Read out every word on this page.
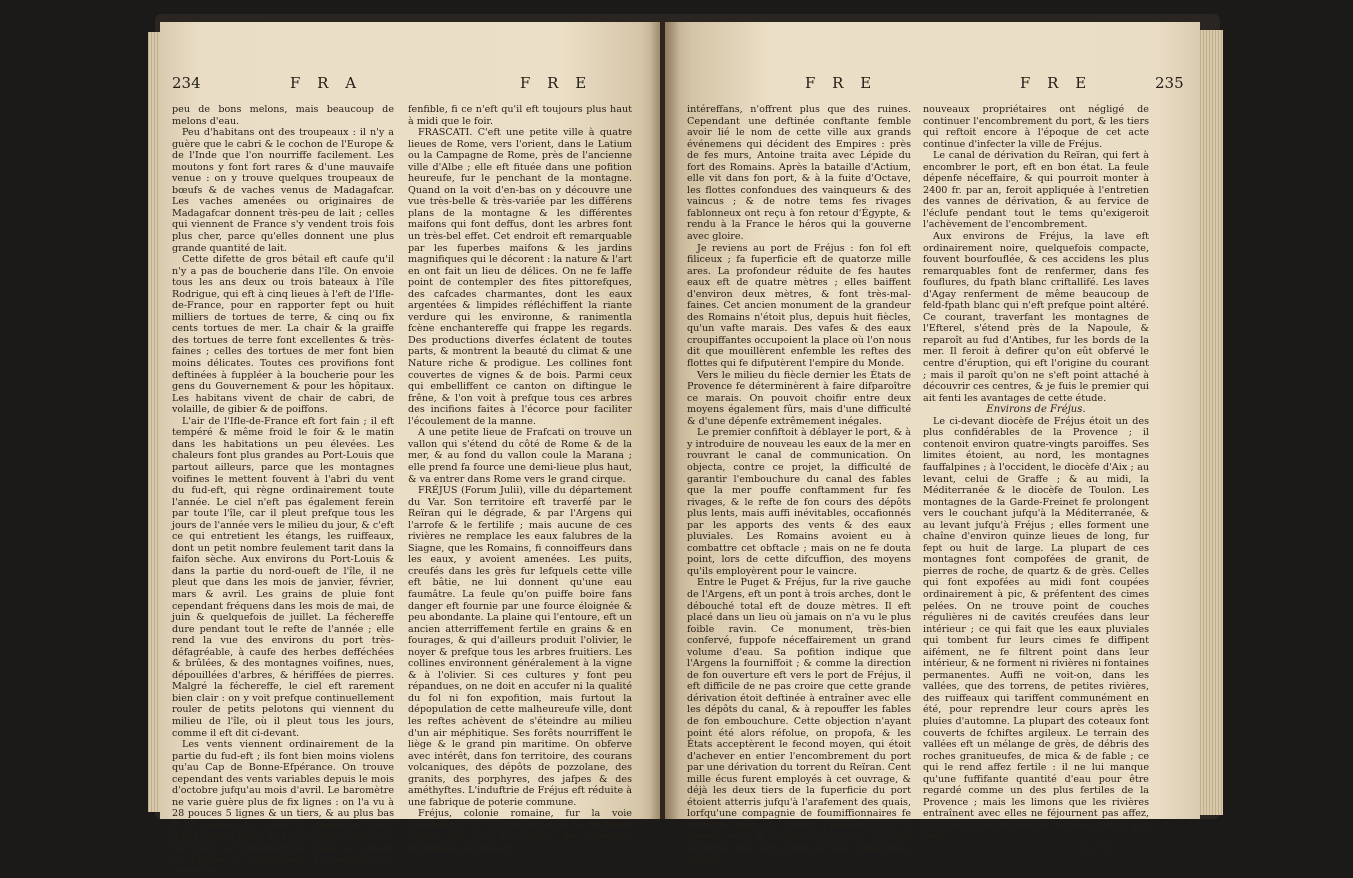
234	F R A	F R E

peu de bons melons, mais beaucoup de melons d'eau.

Peu d'habitans ont des troupeaux : il n'y a guère que le cabri & le cochon de l'Europe & de l'Inde que l'on nourriffe facilement. Les moutons y font fort rares & d'une mauvaife venue : on y trouve quelques troupeaux de bœufs & de vaches venus de Madagafcar. Les vaches amenées ou originaires de Madagafcar donnent très-peu de lait ; celles qui viennent de France s'y vendent trois fois plus cher, parce qu'elles donnent une plus grande quantité de lait.

Cette difette de gros bétail eft caufe qu'il n'y a pas de boucherie dans l'île. On envoie tous les ans deux ou trois bateaux à l'île Rodrigue, qui eft à cinq lieues à l'eft de l'Ifle-de-France, pour en rapporter fept ou huit milliers de tortues de terre, & cinq ou fix cents tortues de mer. La chair & la graiffe des tortues de terre font excellentes & très-faines ; celles des tortues de mer font bien moins délicates. Toutes ces provifions font deftinées à fuppléer à la boucherie pour les gens du Gouvernement & pour les hôpitaux. Les habitans vivent de chair de cabri, de volaille, de gibier & de poiffons.

L'air de l'Ifle-de-France eft fort fain ; il eft tempéré & même froid le foir & le matin dans les habitations un peu élevées. Les chaleurs font plus grandes au Port-Louis que partout ailleurs, parce que les montagnes voifines le mettent fouvent à l'abri du vent du fud-eft, qui règne ordinairement toute l'année. Le ciel n'eft pas également ferein par toute l'île, car il pleut prefque tous les jours de l'année vers le milieu du jour, & c'eft ce qui entretient les étangs, les ruiffeaux, dont un petit nombre feulement tarit dans la faifon sèche. Aux environs du Port-Louis & dans la partie du nord-oueft de l'île, il ne pleut que dans les mois de janvier, février, mars & avril. Les grains de pluie font cependant fréquens dans les mois de mai, de juin & quelquefois de juillet. La féchereffe dure pendant tout le refte de l'année ; elle rend la vue des environs du port très-défagréable, à caufe des herbes defféchées & brûlées, & des montagnes voifines, nues, dépouillées d'arbres, & hériffées de pierres. Malgré la féchereffe, le ciel eft rarement bien clair : on y voit prefque continuellement rouler de petits pelotons qui viennent du milieu de l'île, où il pleut tous les jours, comme il eft dit ci-devant.

Les vents viennent ordinairement de la partie du fud-eft ; ils font bien moins violens qu'au Cap de Bonne-Efpérance. On trouve cependant des vents variables depuis le mois d'octobre jufqu'au mois d'avril. Le baromètre ne varie guère plus de fix lignes : on l'a vu à 28 pouces 5 lignes & un tiers, & au plus bas à 27 pouces 11 lignes & demie les jours d'une groffe pluie & d'un ouragan qui s'eft fait fentir à l'Ifle-Bourbon. Dans le courant de l'année le mouvement du mercure eft prefqu'in-

fenfible, fi ce n'eft qu'il eft toujours plus haut à midi que le foir.

FRASCATI. C'eft une petite ville à quatre lieues de Rome, vers l'orient, dans le Latium ou la Campagne de Rome, près de l'ancienne ville d'Albe ; elle eft fituée dans une pofition heureufe, fur le penchant de la montagne. Quand on la voit d'en-bas on y découvre une vue très-belle & très-variée par les différens plans de la montagne & les différentes maifons qui font deffus, dont les arbres font un très-bel effet. Cet endroit eft remarquable par les fuperbes maifons & les jardins magnifiques qui le décorent : la nature & l'art en ont fait un lieu de délices. On ne fe laffe point de contempler des fites pittorefques, des cafcades charmantes, dont les eaux argentées & limpides réfléchiffent la riante verdure qui les environne, & ranimentla fcène enchantereffe qui frappe les regards. Des productions diverfes éclatent de toutes parts, & montrent la beauté du climat & une Nature riche & prodigue. Les collines font couvertes de vignes & de bois. Parmi ceux qui embelliffent ce canton on diftingue le frêne, & l'on voit à prefque tous ces arbres des incifions faites à l'écorce pour faciliter l'écoulement de la manne.

A une petite lieue de Frafcati on trouve un vallon qui s'étend du côté de Rome & de la mer, & au fond du vallon coule la Marana ; elle prend fa fource une demi-lieue plus haut, & va entrer dans Rome vers le grand cirque.

FRÉJUS (Forum Julii), ville du département du Var. Son territoire eft traverfé par le Reïran qui le dégrade, & par l'Argens qui l'arrofe & le fertilife ; mais aucune de ces rivières ne remplace les eaux falubres de la Siagne, que les Romains, fi connoiffeurs dans les eaux, y avoient amenées. Les puits, creufés dans les grès fur lefquels cette ville eft bâtie, ne lui donnent qu'une eau faumâtre. La feule qu'on puiffe boire fans danger eft fournie par une fource éloignée & peu abondante. La plaine qui l'entoure, eft un ancien atterriffement fertile en grains & en fourages, & qui d'ailleurs produit l'olivier, le noyer & prefque tous les arbres fruitiers. Les collines environnent généralement à la vigne & à l'olivier. Si ces cultures y font peu répandues, on ne doit en accufer ni la qualité du fol ni fon expofition, mais furtout la dépopulation de cette malheureufe ville, dont les reftes achèvent de s'éteindre au milieu d'un air méphitique. Ses forêts nourriffent le liège & le grand pin maritime. On obferve avec intérêt, dans fon territoire, des courans volcaniques, des dépôts de pozzolane, des granits, des porphyres, des jafpes & des améthyftes. L'induftrie de Fréjus eft réduite à une fabrique de poterie commune.

Fréjus, colonie romaine, fur la voie Aurélienne, fut la réfidence de la huitième légion. Son port, fon cirque, fes aqueducs, monumens la plupart

F R E	F R E	235

intéreffans, n'offrent plus que des ruines. Cependant une deftinée conftante femble avoir lié le nom de cette ville aux grands événemens qui décident des Empires : près de fes murs, Antoine traita avec Lépide du fort des Romains. Après la bataille d'Actium, elle vit dans fon port, & à la fuite d'Octave, les flottes confondues des vainqueurs & des vaincus ; & de notre tems fes rivages fablonneux ont reçu à fon retour d'Égypte, & rendu à la France le héros qui la gouverne avec gloire.

Je reviens au port de Fréjus : fon fol eft filiceux ; fa fuperficie eft de quatorze mille ares. La profondeur réduite de fes hautes eaux eft de quatre mètres ; elles baiffent d'environ deux mètres, & font très-mal-faines. Cet ancien monument de la grandeur des Romains n'étoit plus, depuis huit fiècles, qu'un vafte marais. Des vafes & des eaux croupiffantes occupoient la place où l'on nous dit que mouillèrent enfemble les reftes des flottes qui fe difputèrent l'empire du Monde.

Vers le milieu du fiècle dernier les États de Provence fe déterminèrent à faire difparoître ce marais. On pouvoit choifir entre deux moyens également fûrs, mais d'une difficulté & d'une dépenfe extrêmement inégales.

Le premier confiftoit à déblayer le port, & à y introduire de nouveau les eaux de la mer en rouvrant le canal de communication. On objecta, contre ce projet, la difficulté de garantir l'embouchure du canal des fables que la mer pouffe conftamment fur fes rivages, & le refte de fon cours des dépôts plus lents, mais auffi inévitables, occafionnés par les apports des vents & des eaux pluviales. Les Romains avoient eu à combattre cet obftacle ; mais on ne fe douta point, lors de cette difcuffion, des moyens qu'ils employèrent pour le vaincre.

Entre le Puget & Fréjus, fur la rive gauche de l'Argens, eft un pont à trois arches, dont le débouché total eft de douze mètres. Il eft placé dans un lieu où jamais on n'a vu le plus foible ravin. Ce monument, très-bien confervé, fuppofe néceffairement un grand volume d'eau. Sa pofition indique que l'Argens la fourniffoit ; & comme la direction de fon ouverture eft vers le port de Fréjus, il eft difficile de ne pas croire que cette grande dérivation étoit deftinée à entraîner avec elle les dépôts du canal, & à repouffer les fables de fon embouchure. Cette objection n'ayant point été alors réfolue, on propofa, & les États acceptèrent le fecond moyen, qui étoit d'achever en entier l'encombrement du port par une dérivation du torrent du Reïran. Cent mille écus furent employés à cet ouvrage, & déjà les deux tiers de la fuperficie du port étoient atterris jufqu'à l'arafement des quais, lorfqu'une compagnie de foumiffionnaires fe préfenta pour en obtenir l'aliénation en fa faveur, vers le milieu de l'an 6. On doit regretter que cette vente ait été confommée, car les

nouveaux propriétaires ont négligé de continuer l'encombrement du port, & les tiers qui reftoit encore à l'époque de cet acte continue d'infecter la ville de Fréjus.

Le canal de dérivation du Reïran, qui fert à encombrer le port, eft en bon état. La feule dépenfe néceffaire, & qui pourroit monter à 2400 fr. par an, feroit appliquée à l'entretien des vannes de dérivation, & au fervice de l'éclufe pendant tout le tems qu'exigeroit l'achèvement de l'encombrement.

Aux environs de Fréjus, la lave eft ordinairement noire, quelquefois compacte, fouvent bourfouflée, & ces accidens les plus remarquables font de renfermer, dans fes fouflures, du fpath blanc criftallifé. Les laves d'Agay renferment de même beaucoup de feld-fpath blanc qui n'eft prefque point altéré. Ce courant, traverfant les montagnes de l'Efterel, s'étend près de la Napoule, & reparoît au fud d'Antibes, fur les bords de la mer. Il feroit à defirer qu'on eût obfervé le centre d'éruption, qui eft l'origine du courant ; mais il paroît qu'on ne s'eft point attaché à découvrir ces centres, & je fuis le premier qui ait fenti les avantages de cette étude.

Environs de Fréjus.

Le ci-devant diocèfe de Fréjus étoit un des plus confidérables de la Provence ; il contenoit environ quatre-vingts paroiffes. Ses limites étoient, au nord, les montagnes fauffalpines ; à l'occident, le diocèfe d'Aix ; au levant, celui de Graffe ; & au midi, la Méditerranée & le diocèfe de Toulon. Les montagnes de la Garde-Freinet fe prolongent vers le couchant jufqu'à la Méditerranée, & au levant jufqu'à Fréjus ; elles forment une chaîne d'environ quinze lieues de long, fur fept ou huit de large. La plupart de ces montagnes font compofées de granit, de pierres de roche, de quartz & de grès. Celles qui font expofées au midi font coupées ordinairement à pic, & préfentent des cimes pelées. On ne trouve point de couches régulières ni de cavités creufées dans leur intérieur ; ce qui fait que les eaux pluviales qui tombent fur leurs cimes fe diffipent aifément, ne fe filtrent point dans leur intérieur, & ne forment ni rivières ni fontaines permanentes. Auffi ne voit-on, dans les vallées, que des torrens, de petites rivières, des ruiffeaux qui tariffent communément en été, pour reprendre leur cours après les pluies d'automne. La plupart des coteaux font couverts de fchiftes argileux. Le terrain des vallées eft un mélange de grès, de débris des roches granitueufes, de mica & de fable ; ce qui le rend affez fertile : il ne lui manque qu'une fuffifante quantité d'eau pour être regardé comme un des plus fertiles de la Provence ; mais les limons que les rivières entraînent avec elles ne féjournent pas affez, la plupart n'étant que des torrens, tandis que ceux

G 3 2
